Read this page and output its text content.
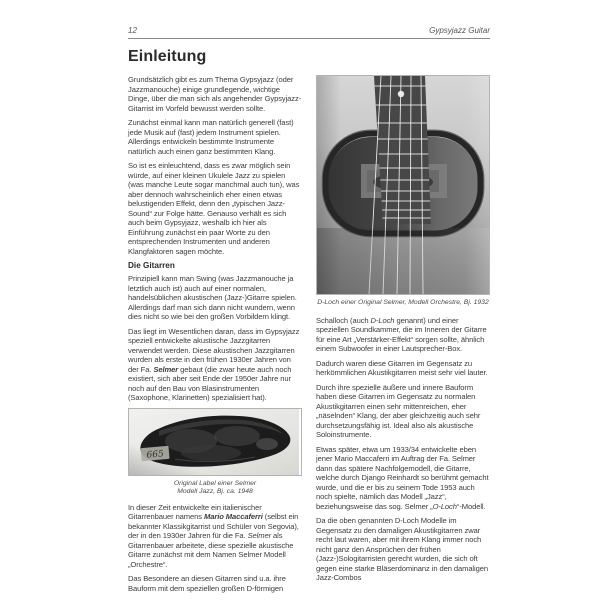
12	Gypsyjazz Guitar
Einleitung

Grundsätzlich gibt es zum Thema Gypsyjazz (oder Jazzmanouche) einige grundlegende, wichtige Dinge, über die man sich als angehender Gypsyjazz-Gitarrist im Vorfeld bewusst werden sollte.

Zunächst einmal kann man natürlich generell (fast) jede Musik auf (fast) jedem Instrument spielen. Allerdings entwickeln bestimmte Instrumente natürlich auch einen ganz bestimmten Klang.

So ist es einleuchtend, dass es zwar möglich sein würde, auf einer kleinen Ukulele Jazz zu spielen (was manche Leute sogar manchmal auch tun), was aber dennoch wahrscheinlich eher einen etwas belustigenden Effekt, denn den „typischen Jazz-Sound“ zur Folge hätte. Genauso verhält es sich auch beim Gypsyjazz, weshalb ich hier als Einführung zunächst ein paar Worte zu den entsprechenden Instrumenten und anderen Klangfaktoren sagen möchte.

Die Gitarren

Prinzipiell kann man Swing (was Jazzmanouche ja letztlich auch ist) auch auf einer normalen, handelsüblichen akustischen (Jazz-)Gitarre spielen. Allerdings darf man sich dann nicht wundern, wenn dies nicht so wie bei den großen Vorbildern klingt.

Das liegt im Wesentlichen daran, dass im Gypsyjazz speziell entwickelte akustische Jazzgitarren verwendet werden. Diese akustischen Jazzgitarren wurden als erste in den frühen 1930er Jahren von der Fa. Selmer gebaut (die zwar heute auch noch existiert, sich aber seit Ende der 1950er Jahre nur noch auf den Bau von Blasinstrumenten (Saxophone, Klarinetten) spezialisiert hat).

665
Original Label einer Selmer
Modell Jazz, Bj. ca. 1948

In dieser Zeit entwickelte ein italienischer Gitarrenbauer namens Mario Maccaferri (selbst ein bekannter Klassikgitarrist und Schüler von Segovia), der in den 1930er Jahren für die Fa. Selmer als Gitarrenbauer arbeitete, diese spezielle akustische Gitarre zunächst mit dem Namen Selmer Modell „Orchestre“.

Das Besondere an diesen Gitarren sind u.a. ihre Bauform mit dem speziellen großen D-förmigen

D-Loch einer Original Selmer, Modell Orchestre, Bj. 1932

Schalloch (auch D-Loch genannt) und einer speziellen Soundkammer, die im Inneren der Gitarre für eine Art „Verstärker-Effekt“ sorgen sollte, ähnlich einem Subwoofer in einer Lautsprecher-Box.

Dadurch waren diese Gitarren im Gegensatz zu herkömmlichen Akustikgitarren meist sehr viel lauter.

Durch ihre spezielle äußere und innere Bauform haben diese Gitarren im Gegensatz zu normalen Akustikgitarren einen sehr mittenreichen, eher „näselnden“ Klang, der aber gleichzeitig auch sehr durchsetzungsfähig ist. Ideal also als akustische Soloinstrumente.

Etwas später, etwa um 1933/34 entwickelte eben jener Mario Maccaferri im Auftrag der Fa. Selmer dann das spätere Nachfolgemodell, die Gitarre, welche durch Django Reinhardt so berühmt gemacht wurde, und die er bis zu seinem Tode 1953 auch noch spielte, nämlich das Modell „Jazz“, beziehungsweise das sog. Selmer „O-Loch“-Modell.

Da die oben genannten D-Loch Modelle im Gegensatz zu den damaligen Akustikgitarren zwar recht laut waren, aber mit ihrem Klang immer noch nicht ganz den Ansprüchen der frühen (Jazz-)Sologitarristen gerecht wurden, die sich oft gegen eine starke Bläserdominanz in den damaligen Jazz-Combos
